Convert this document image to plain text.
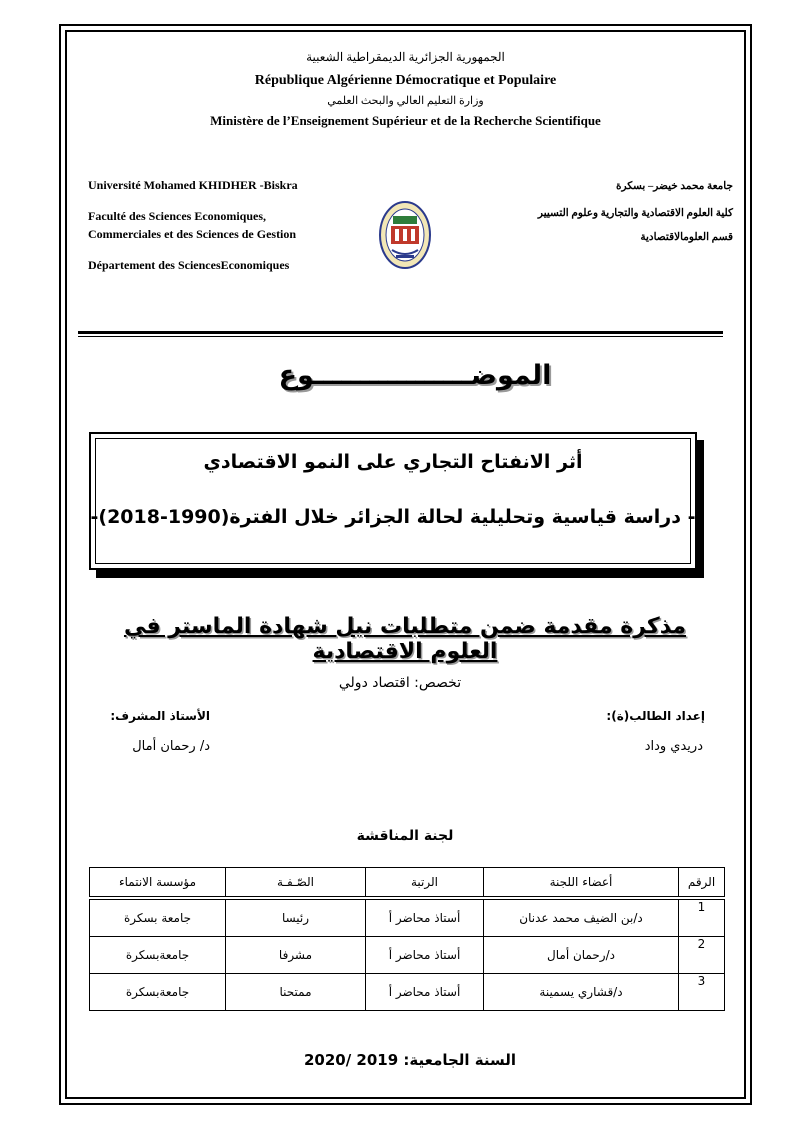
الجمهورية الجزائرية الديمقراطية الشعبية
République Algérienne Démocratique et Populaire
وزارة التعليم العالي والبحث العلمي
Ministère de l’Enseignement Supérieur et de la Recherche Scientifique
Université Mohamed KHIDHER -Biskra
Faculté des Sciences Economiques,
Commerciales et des Sciences de Gestion
Département des SciencesEconomiques
جامعة محمد خيضر– بسكرة
كلية العلوم الاقتصادية والتجارية وعلوم التسيير
قسم العلومالاقتصادية
الموضـــــــــــــــــوع
أثر الانفتاح التجاري على النمو الاقتصادي
- دراسة قياسية وتحليلية لحالة الجزائر خلال الفترة(1990-2018)-
مذكرة مقدمة ضمن متطلبات نيل شهادة الماستر في العلوم الاقتصادية
تخصص: اقتصاد دولي
إعداد الطالب(ة):
الأستاذ المشرف:
دريدي وداد
د/ رحمان أمال
لجنة المناقشة
الرقم	أعضاء اللجنة	الرتبة	الصّـفـة	مؤسسة الانتماء

1	د/بن الضيف محمد عدنان	أستاذ محاضر أ	رئيسا	جامعة بسكرة
2	د/رحمان أمال	أستاذ محاضر أ	مشرفا	جامعةبسكرة
3	د/قشاري يسمينة	أستاذ محاضر أ	ممتحنا	جامعةبسكرة
السنة الجامعية: 2019 /2020
